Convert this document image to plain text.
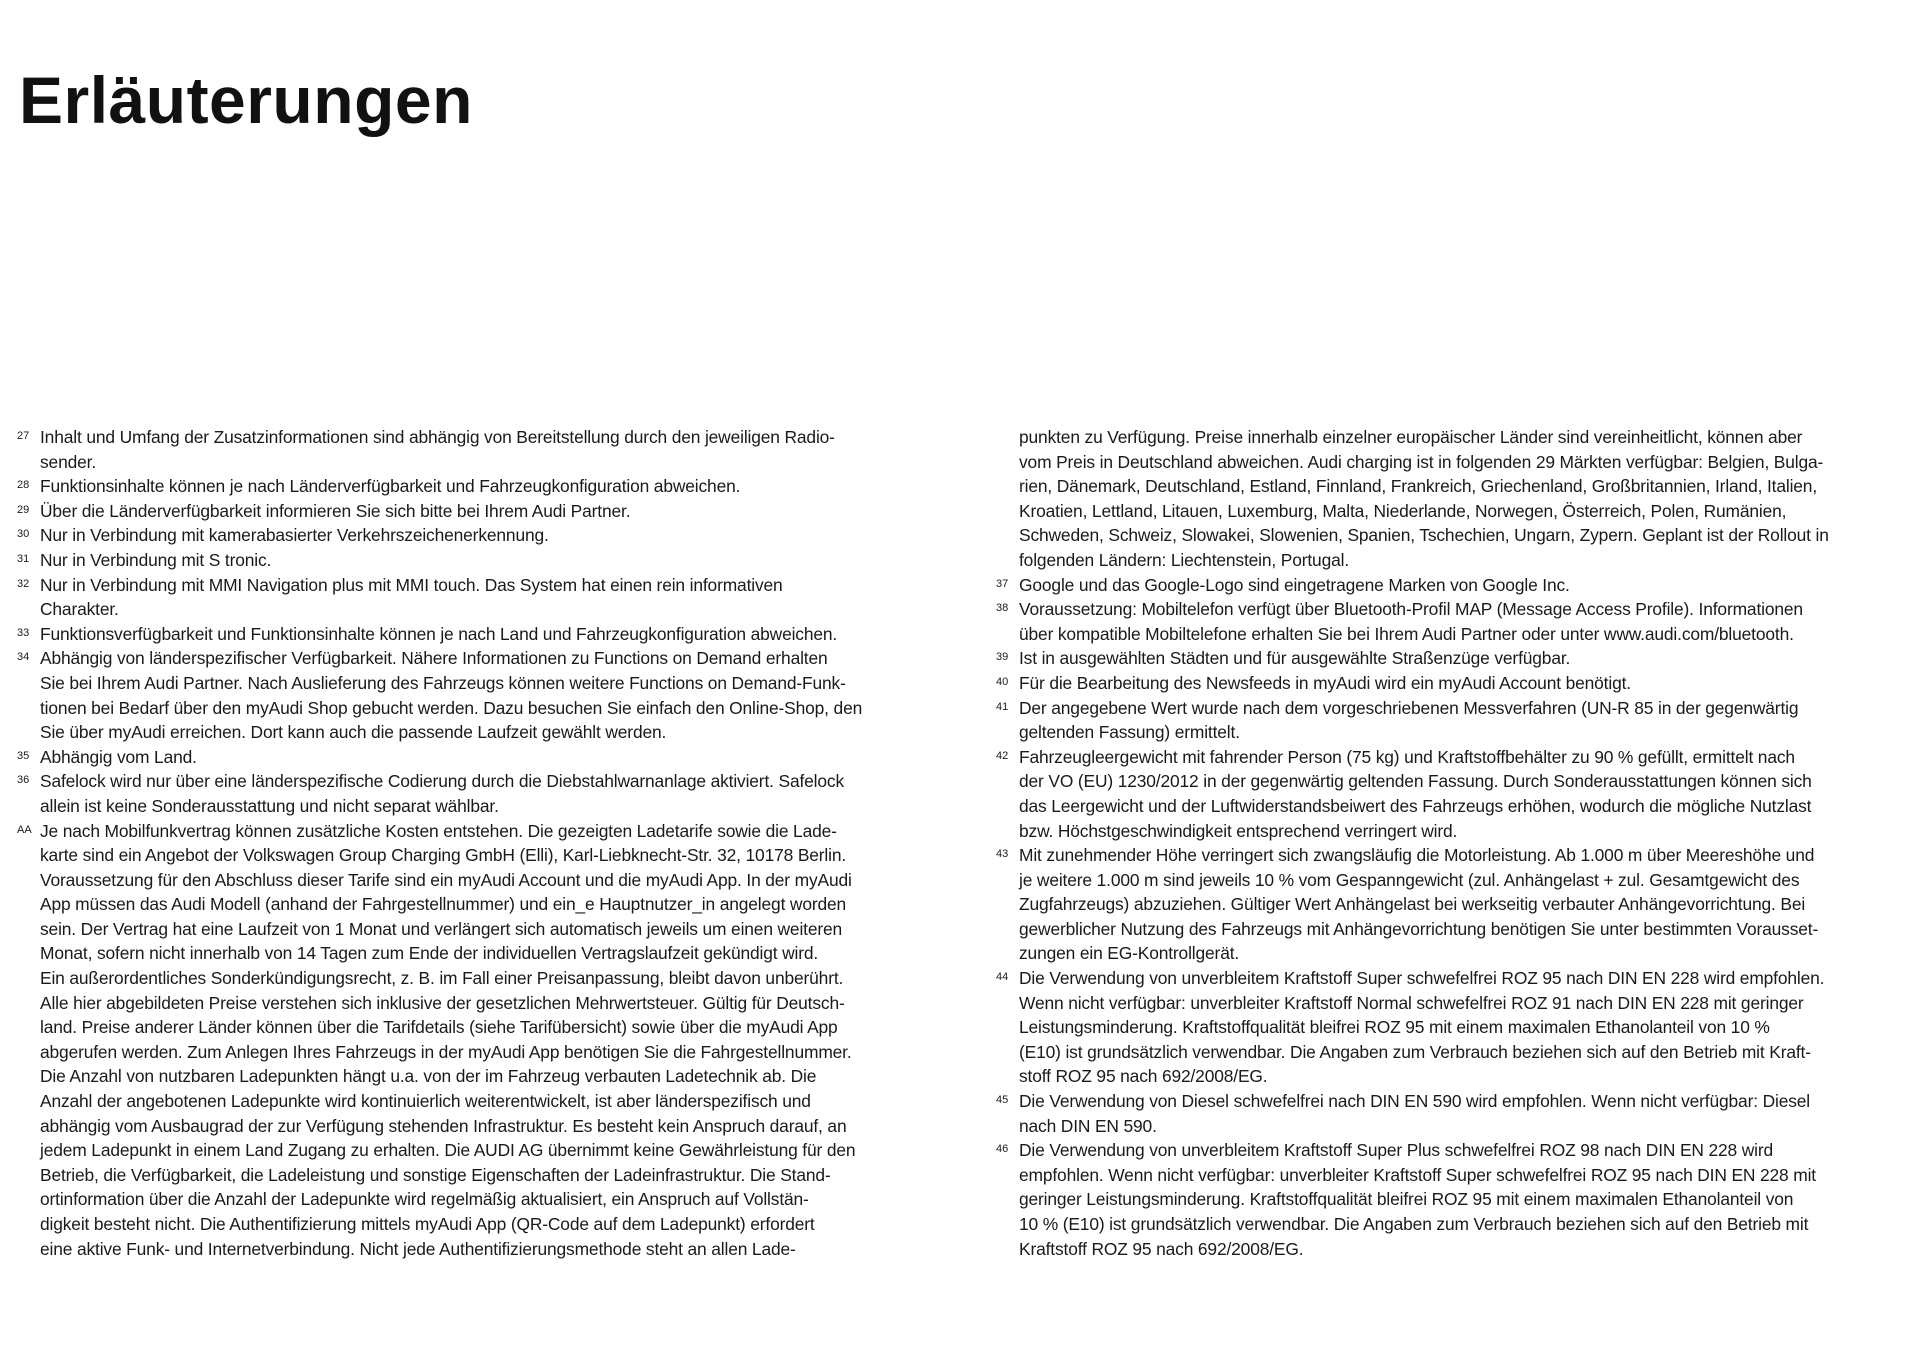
Erläuterungen
27 Inhalt und Umfang der Zusatzinformationen sind abhängig von Bereitstellung durch den jeweiligen Radio-
sender.
28 Funktionsinhalte können je nach Länderverfügbarkeit und Fahrzeugkonfiguration abweichen.
29 Über die Länderverfügbarkeit informieren Sie sich bitte bei Ihrem Audi Partner.
30 Nur in Verbindung mit kamerabasierter Verkehrszeichenerkennung.
31 Nur in Verbindung mit S tronic.
32 Nur in Verbindung mit MMI Navigation plus mit MMI touch. Das System hat einen rein informativen
Charakter.
33 Funktionsverfügbarkeit und Funktionsinhalte können je nach Land und Fahrzeugkonfiguration abweichen.
34 Abhängig von länderspezifischer Verfügbarkeit. Nähere Informationen zu Functions on Demand erhalten
Sie bei Ihrem Audi Partner. Nach Auslieferung des Fahrzeugs können weitere Functions on Demand-Funk-
tionen bei Bedarf über den myAudi Shop gebucht werden. Dazu besuchen Sie einfach den Online-Shop, den
Sie über myAudi erreichen. Dort kann auch die passende Laufzeit gewählt werden.
35 Abhängig vom Land.
36 Safelock wird nur über eine länderspezifische Codierung durch die Diebstahlwarnanlage aktiviert. Safelock
allein ist keine Sonderausstattung und nicht separat wählbar.
AA Je nach Mobilfunkvertrag können zusätzliche Kosten entstehen. Die gezeigten Ladetarife sowie die Lade-
karte sind ein Angebot der Volkswagen Group Charging GmbH (Elli), Karl-Liebknecht-Str. 32, 10178 Berlin.
Voraussetzung für den Abschluss dieser Tarife sind ein myAudi Account und die myAudi App. In der myAudi
App müssen das Audi Modell (anhand der Fahrgestellnummer) und ein_e Hauptnutzer_in angelegt worden
sein. Der Vertrag hat eine Laufzeit von 1 Monat und verlängert sich automatisch jeweils um einen weiteren
Monat, sofern nicht innerhalb von 14 Tagen zum Ende der individuellen Vertragslaufzeit gekündigt wird.
Ein außerordentliches Sonderkündigungsrecht, z. B. im Fall einer Preisanpassung, bleibt davon unberührt.
Alle hier abgebildeten Preise verstehen sich inklusive der gesetzlichen Mehrwertsteuer. Gültig für Deutsch-
land. Preise anderer Länder können über die Tarifdetails (siehe Tarifübersicht) sowie über die myAudi App
abgerufen werden. Zum Anlegen Ihres Fahrzeugs in der myAudi App benötigen Sie die Fahrgestellnummer.
Die Anzahl von nutzbaren Ladepunkten hängt u.a. von der im Fahrzeug verbauten Ladetechnik ab. Die
Anzahl der angebotenen Ladepunkte wird kontinuierlich weiterentwickelt, ist aber länderspezifisch und
abhängig vom Ausbaugrad der zur Verfügung stehenden Infrastruktur. Es besteht kein Anspruch darauf, an
jedem Ladepunkt in einem Land Zugang zu erhalten. Die AUDI AG übernimmt keine Gewährleistung für den
Betrieb, die Verfügbarkeit, die Ladeleistung und sonstige Eigenschaften der Ladeinfrastruktur. Die Stand-
ortinformation über die Anzahl der Ladepunkte wird regelmäßig aktualisiert, ein Anspruch auf Vollstän-
digkeit besteht nicht. Die Authentifizierung mittels myAudi App (QR-Code auf dem Ladepunkt) erfordert
eine aktive Funk- und Internetverbindung. Nicht jede Authentifizierungsmethode steht an allen Lade-
punkten zu Verfügung. Preise innerhalb einzelner europäischer Länder sind vereinheitlicht, können aber
vom Preis in Deutschland abweichen. Audi charging ist in folgenden 29 Märkten verfügbar: Belgien, Bulga-
rien, Dänemark, Deutschland, Estland, Finnland, Frankreich, Griechenland, Großbritannien, Irland, Italien,
Kroatien, Lettland, Litauen, Luxemburg, Malta, Niederlande, Norwegen, Österreich, Polen, Rumänien,
Schweden, Schweiz, Slowakei, Slowenien, Spanien, Tschechien, Ungarn, Zypern. Geplant ist der Rollout in
folgenden Ländern: Liechtenstein, Portugal.
37 Google und das Google-Logo sind eingetragene Marken von Google Inc.
38 Voraussetzung: Mobiltelefon verfügt über Bluetooth-Profil MAP (Message Access Profile). Informationen
über kompatible Mobiltelefone erhalten Sie bei Ihrem Audi Partner oder unter www.audi.com/bluetooth.
39 Ist in ausgewählten Städten und für ausgewählte Straßenzüge verfügbar.
40 Für die Bearbeitung des Newsfeeds in myAudi wird ein myAudi Account benötigt.
41 Der angegebene Wert wurde nach dem vorgeschriebenen Messverfahren (UN-R 85 in der gegenwärtig
geltenden Fassung) ermittelt.
42 Fahrzeugleergewicht mit fahrender Person (75 kg) und Kraftstoffbehälter zu 90 % gefüllt, ermittelt nach
der VO (EU) 1230/2012 in der gegenwärtig geltenden Fassung. Durch Sonderausstattungen können sich
das Leergewicht und der Luftwiderstandsbeiwert des Fahrzeugs erhöhen, wodurch die mögliche Nutzlast
bzw. Höchstgeschwindigkeit entsprechend verringert wird.
43 Mit zunehmender Höhe verringert sich zwangsläufig die Motorleistung. Ab 1.000 m über Meereshöhe und
je weitere 1.000 m sind jeweils 10 % vom Gespanngewicht (zul. Anhängelast + zul. Gesamtgewicht des
Zugfahrzeugs) abzuziehen. Gültiger Wert Anhängelast bei werkseitig verbauter Anhängevorrichtung. Bei
gewerblicher Nutzung des Fahrzeugs mit Anhängevorrichtung benötigen Sie unter bestimmten Vorausset-
zungen ein EG-Kontrollgerät.
44 Die Verwendung von unverbleitem Kraftstoff Super schwefelfrei ROZ 95 nach DIN EN 228 wird empfohlen.
Wenn nicht verfügbar: unverbleiter Kraftstoff Normal schwefelfrei ROZ 91 nach DIN EN 228 mit geringer
Leistungsminderung. Kraftstoffqualität bleifrei ROZ 95 mit einem maximalen Ethanolanteil von 10 %
(E10) ist grundsätzlich verwendbar. Die Angaben zum Verbrauch beziehen sich auf den Betrieb mit Kraft-
stoff ROZ 95 nach 692/2008/EG.
45 Die Verwendung von Diesel schwefelfrei nach DIN EN 590 wird empfohlen. Wenn nicht verfügbar: Diesel
nach DIN EN 590.
46 Die Verwendung von unverbleitem Kraftstoff Super Plus schwefelfrei ROZ 98 nach DIN EN 228 wird
empfohlen. Wenn nicht verfügbar: unverbleiter Kraftstoff Super schwefelfrei ROZ 95 nach DIN EN 228 mit
geringer Leistungsminderung. Kraftstoffqualität bleifrei ROZ 95 mit einem maximalen Ethanolanteil von
10 % (E10) ist grundsätzlich verwendbar. Die Angaben zum Verbrauch beziehen sich auf den Betrieb mit
Kraftstoff ROZ 95 nach 692/2008/EG.
